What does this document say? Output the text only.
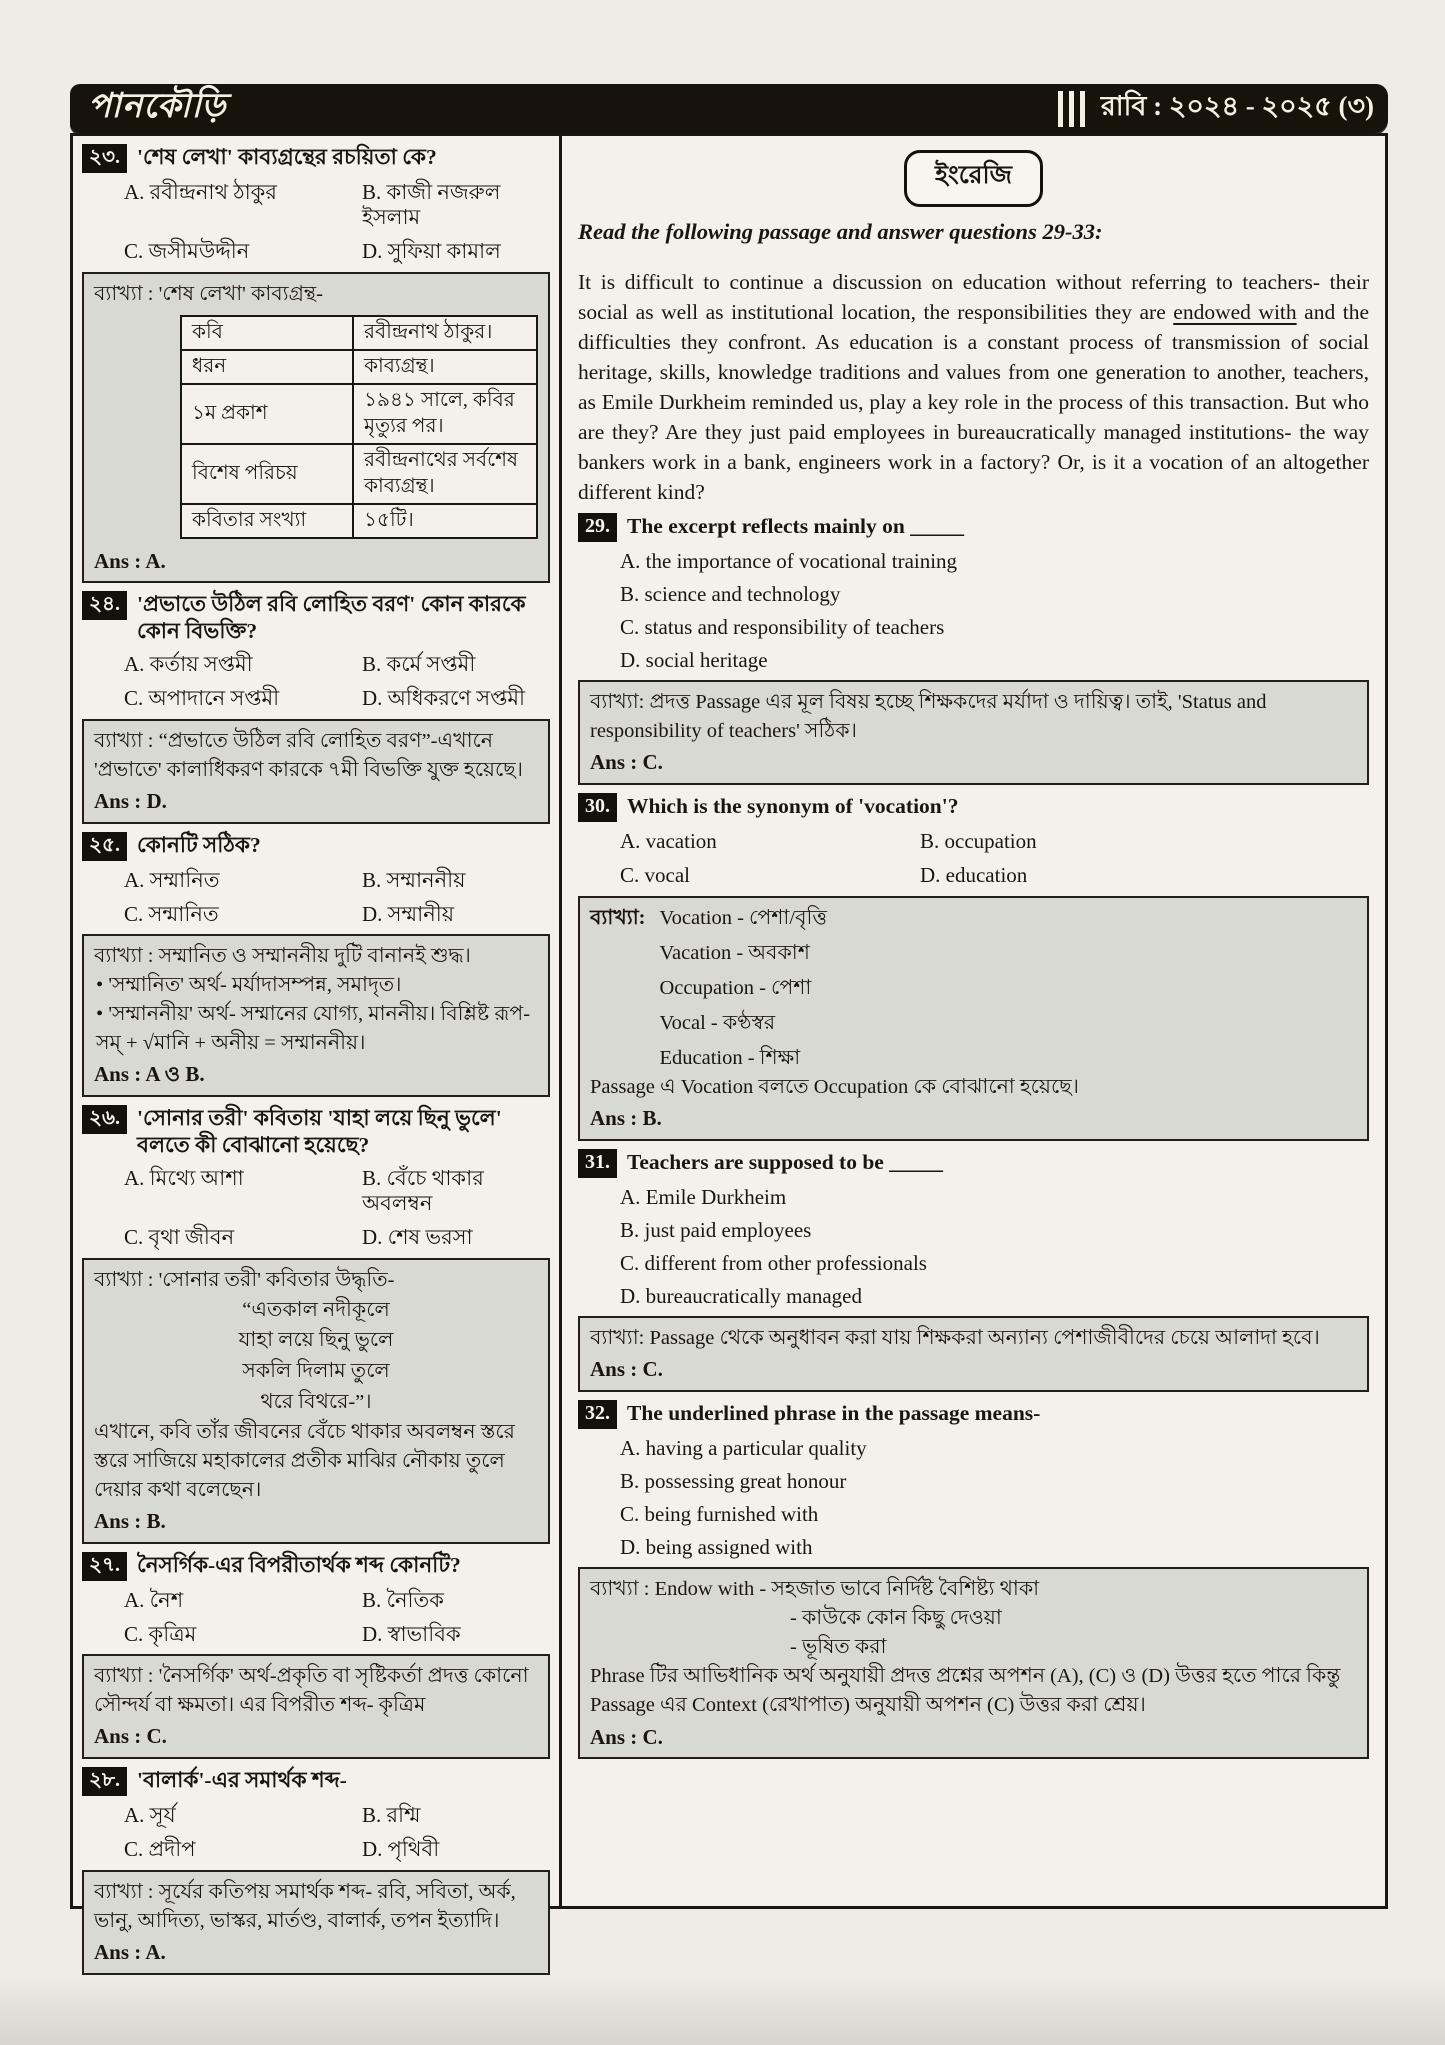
পানকৌড়ি	রাবি : ২০২৪ - ২০২৫ (৩)
২৩. 'শেষ লেখা' কাব্যগ্রন্থের রচয়িতা কে?
A. রবীন্দ্রনাথ ঠাকুর	B. কাজী নজরুল ইসলাম
C. জসীমউদ্দীন	D. সুফিয়া কামাল
ব্যাখ্যা : 'শেষ লেখা' কাব্যগ্রন্থ-
কবি	রবীন্দ্রনাথ ঠাকুর।
ধরন	কাব্যগ্রন্থ।
১ম প্রকাশ	১৯৪১ সালে, কবির মৃত্যুর পর।
বিশেষ পরিচয়	রবীন্দ্রনাথের সর্বশেষ কাব্যগ্রন্থ।
কবিতার সংখ্যা	১৫টি।
Ans : A.
২৪. 'প্রভাতে উঠিল রবি লোহিত বরণ' কোন কারকে কোন বিভক্তি?
A. কর্তায় সপ্তমী	B. কর্মে সপ্তমী
C. অপাদানে সপ্তমী	D. অধিকরণে সপ্তমী
ব্যাখ্যা : “প্রভাতে উঠিল রবি লোহিত বরণ”-এখানে 'প্রভাতে' কালাধিকরণ কারকে ৭মী বিভক্তি যুক্ত হয়েছে।
Ans : D.
২৫. কোনটি সঠিক?
A. সম্মানিত	B. সম্মাননীয়
C. সন্মানিত	D. সম্মানীয়
ব্যাখ্যা : সম্মানিত ও সম্মাননীয় দুটি বানানই শুদ্ধ।
• 'সম্মানিত' অর্থ- মর্যাদাসম্পন্ন, সমাদৃত।
• 'সম্মাননীয়' অর্থ- সম্মানের যোগ্য, মাননীয়। বিশ্লিষ্ট রূপ- সম্ + √মানি + অনীয় = সম্মাননীয়।
Ans : A ও B.
২৬. 'সোনার তরী' কবিতায় 'যাহা লয়ে ছিনু ভুলে' বলতে কী বোঝানো হয়েছে?
A. মিথ্যে আশা	B. বেঁচে থাকার অবলম্বন
C. বৃথা জীবন	D. শেষ ভরসা
ব্যাখ্যা : 'সোনার তরী' কবিতার উদ্ধৃতি-
“এতকাল নদীকূলে
যাহা লয়ে ছিনু ভুলে
সকলি দিলাম তুলে
থরে বিথরে-”।
এখানে, কবি তাঁর জীবনের বেঁচে থাকার অবলম্বন স্তরে স্তরে সাজিয়ে মহাকালের প্রতীক মাঝির নৌকায় তুলে দেয়ার কথা বলেছেন।
Ans : B.
২৭. নৈসর্গিক-এর বিপরীতার্থক শব্দ কোনটি?
A. নৈশ	B. নৈতিক
C. কৃত্রিম	D. স্বাভাবিক
ব্যাখ্যা : 'নৈসর্গিক' অর্থ-প্রকৃতি বা সৃষ্টিকর্তা প্রদত্ত কোনো সৌন্দর্য বা ক্ষমতা। এর বিপরীত শব্দ- কৃত্রিম
Ans : C.
২৮. 'বালার্ক'-এর সমার্থক শব্দ-
A. সূর্য	B. রশ্মি
C. প্রদীপ	D. পৃথিবী
ব্যাখ্যা : সূর্যের কতিপয় সমার্থক শব্দ- রবি, সবিতা, অর্ক, ভানু, আদিত্য, ভাস্কর, মার্তণ্ড, বালার্ক, তপন ইত্যাদি।
Ans : A.
ইংরেজি
Read the following passage and answer questions 29-33:

It is difficult to continue a discussion on education without referring to teachers- their social as well as institutional location, the responsibilities they are endowed with and the difficulties they confront. As education is a constant process of transmission of social heritage, skills, knowledge traditions and values from one generation to another, teachers, as Emile Durkheim reminded us, play a key role in the process of this transaction. But who are they? Are they just paid employees in bureaucratically managed institutions- the way bankers work in a bank, engineers work in a factory? Or, is it a vocation of an altogether different kind?

29. The excerpt reflects mainly on _____
A. the importance of vocational training
B. science and technology
C. status and responsibility of teachers
D. social heritage
ব্যাখ্যা: প্রদত্ত Passage এর মূল বিষয় হচ্ছে শিক্ষকদের মর্যাদা ও দায়িত্ব। তাই, 'Status and responsibility of teachers' সঠিক।
Ans : C.
30. Which is the synonym of 'vocation'?
A. vacation	B. occupation
C. vocal	D. education
ব্যাখ্যা: Vocation - পেশা/বৃত্তি
Vacation - অবকাশ
Occupation - পেশা
Vocal - কণ্ঠস্বর
Education - শিক্ষা
Passage এ Vocation বলতে Occupation কে বোঝানো হয়েছে।
Ans : B.
31. Teachers are supposed to be _____
A. Emile Durkheim
B. just paid employees
C. different from other professionals
D. bureaucratically managed
ব্যাখ্যা: Passage থেকে অনুধাবন করা যায় শিক্ষকরা অন্যান্য পেশাজীবীদের চেয়ে আলাদা হবে।
Ans : C.
32. The underlined phrase in the passage means-
A. having a particular quality
B. possessing great honour
C. being furnished with
D. being assigned with
ব্যাখ্যা : Endow with - সহজাত ভাবে নির্দিষ্ট বৈশিষ্ট্য থাকা
- কাউকে কোন কিছু দেওয়া
- ভূষিত করা
Phrase টির আভিধানিক অর্থ অনুযায়ী প্রদত্ত প্রশ্নের অপশন (A), (C) ও (D) উত্তর হতে পারে কিন্তু Passage এর Context (রেখাপাত) অনুযায়ী অপশন (C) উত্তর করা শ্রেয়।
Ans : C.
